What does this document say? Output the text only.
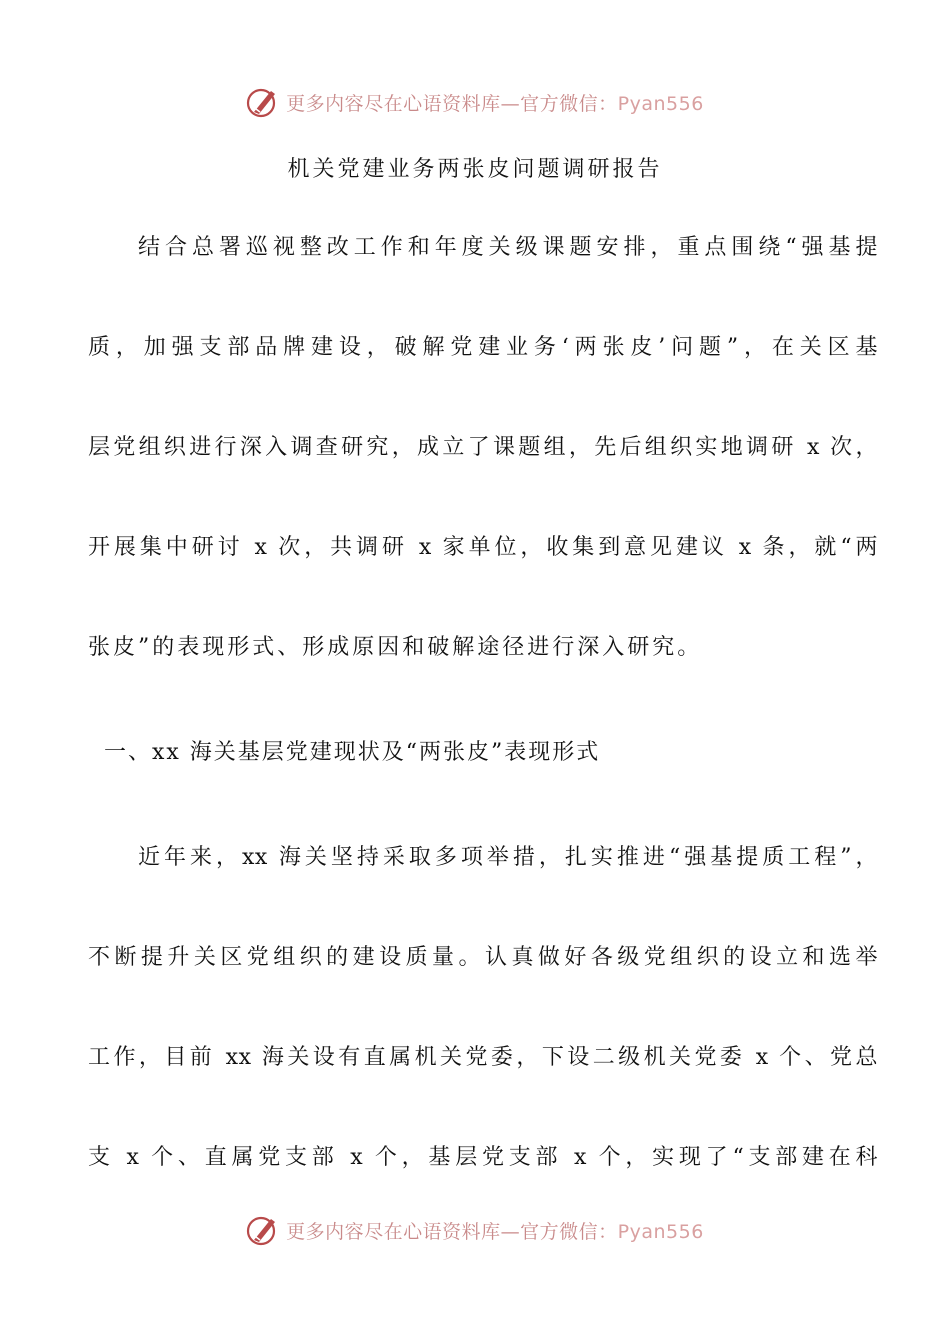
更多内容尽在心语资料库—官方微信：Pyan556
机关党建业务两张皮问题调研报告
结合总署巡视整改工作和年度关级课题安排，重点围绕“强基提
质，加强支部品牌建设，破解党建业务‘两张皮’问题”，在关区基
层党组织进行深入调查研究，成立了课题组，先后组织实地调研 x 次，
开展集中研讨 x 次，共调研 x 家单位，收集到意见建议 x 条，就“两
张皮”的表现形式、形成原因和破解途径进行深入研究。
一、xx 海关基层党建现状及“两张皮”表现形式
近年来，xx 海关坚持采取多项举措，扎实推进“强基提质工程”，
不断提升关区党组织的建设质量。认真做好各级党组织的设立和选举
工作，目前 xx 海关设有直属机关党委，下设二级机关党委 x 个、党总
支 x 个、直属党支部 x 个，基层党支部 x 个，实现了“支部建在科
更多内容尽在心语资料库—官方微信：Pyan556
